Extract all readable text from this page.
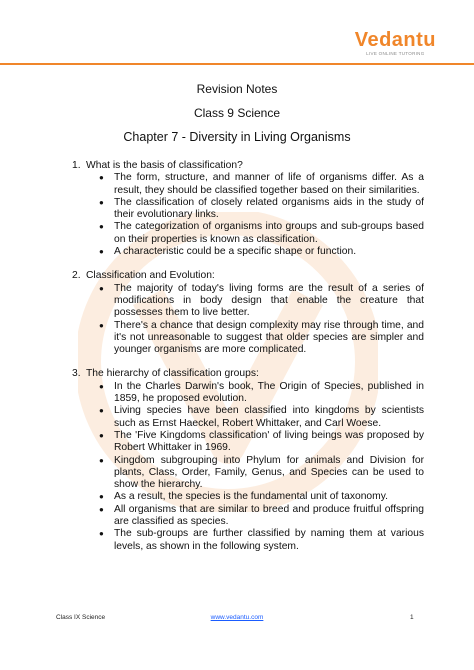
Vedantu
LIVE ONLINE TUTORING
Revision Notes
Class 9 Science
Chapter 7 - Diversity in Living Organisms
1. What is the basis of classification?
● The form, structure, and manner of life of organisms differ. As a result, they should be classified together based on their similarities.
● The classification of closely related organisms aids in the study of their evolutionary links.
● The categorization of organisms into groups and sub-groups based on their properties is known as classification.
● A characteristic could be a specific shape or function.
2. Classification and Evolution:
● The majority of today's living forms are the result of a series of modifications in body design that enable the creature that possesses them to live better.
● There's a chance that design complexity may rise through time, and it's not unreasonable to suggest that older species are simpler and younger organisms are more complicated.
3. The hierarchy of classification groups:
● In the Charles Darwin's book, The Origin of Species, published in 1859, he proposed evolution.
● Living species have been classified into kingdoms by scientists such as Ernst Haeckel, Robert Whittaker, and Carl Woese.
● The 'Five Kingdoms classification' of living beings was proposed by Robert Whittaker in 1969.
● Kingdom subgrouping into Phylum for animals and Division for plants, Class, Order, Family, Genus, and Species can be used to show the hierarchy.
● As a result, the species is the fundamental unit of taxonomy.
● All organisms that are similar to breed and produce fruitful offspring are classified as species.
● The sub-groups are further classified by naming them at various levels, as shown in the following system.
Class IX Science	www.vedantu.com	1
